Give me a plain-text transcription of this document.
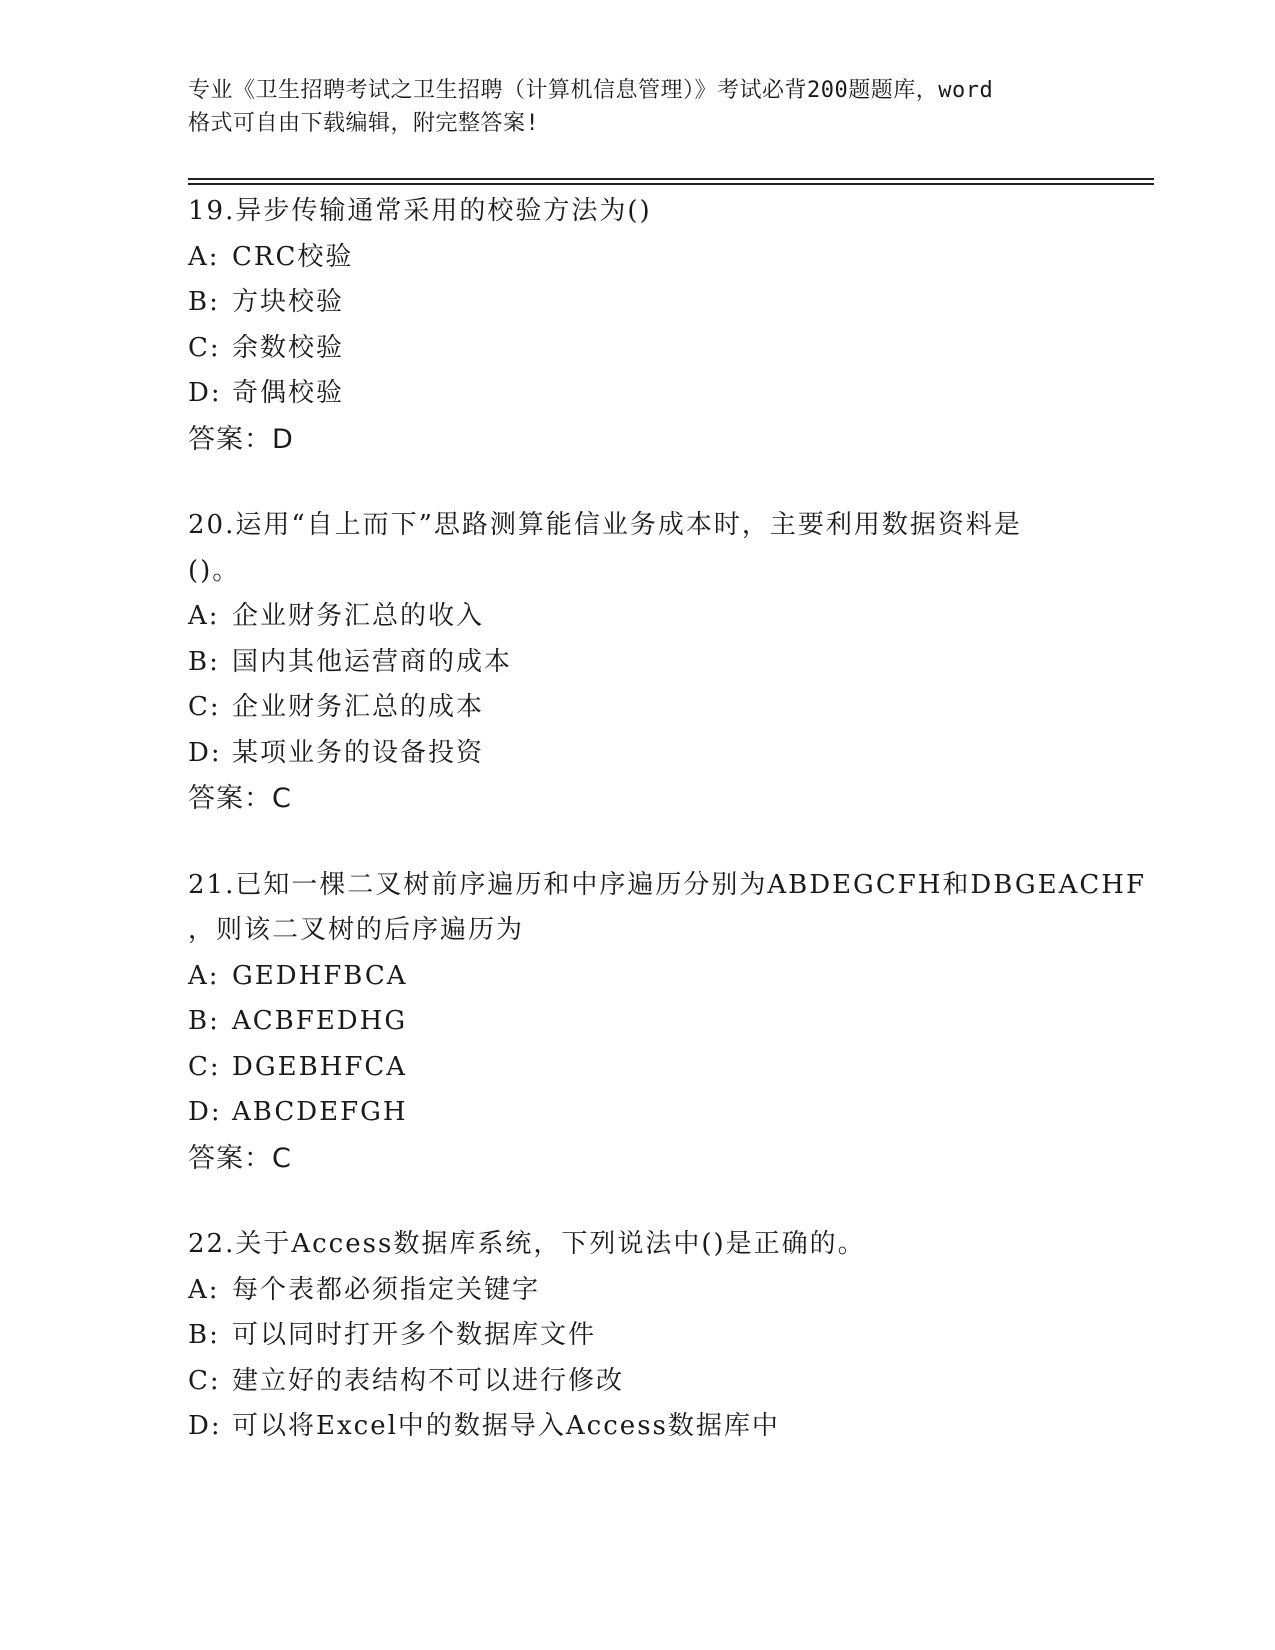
专业《卫生招聘考试之卫生招聘（计算机信息管理）》考试必背200题题库，word
格式可自由下载编辑，附完整答案!
19.异步传输通常采用的校验方法为()
A: CRC校验
B: 方块校验
C: 余数校验
D: 奇偶校验
答案：D
20.运用“自上而下”思路测算能信业务成本时，主要利用数据资料是
()。
A: 企业财务汇总的收入
B: 国内其他运营商的成本
C: 企业财务汇总的成本
D: 某项业务的设备投资
答案：C
21.已知一棵二叉树前序遍历和中序遍历分别为ABDEGCFH和DBGEACHF
，则该二叉树的后序遍历为
A: GEDHFBCA
B: ACBFEDHG
C: DGEBHFCA
D: ABCDEFGH
答案：C
22.关于Access数据库系统，下列说法中()是正确的。
A: 每个表都必须指定关键字
B: 可以同时打开多个数据库文件
C: 建立好的表结构不可以进行修改
D: 可以将Excel中的数据导入Access数据库中
